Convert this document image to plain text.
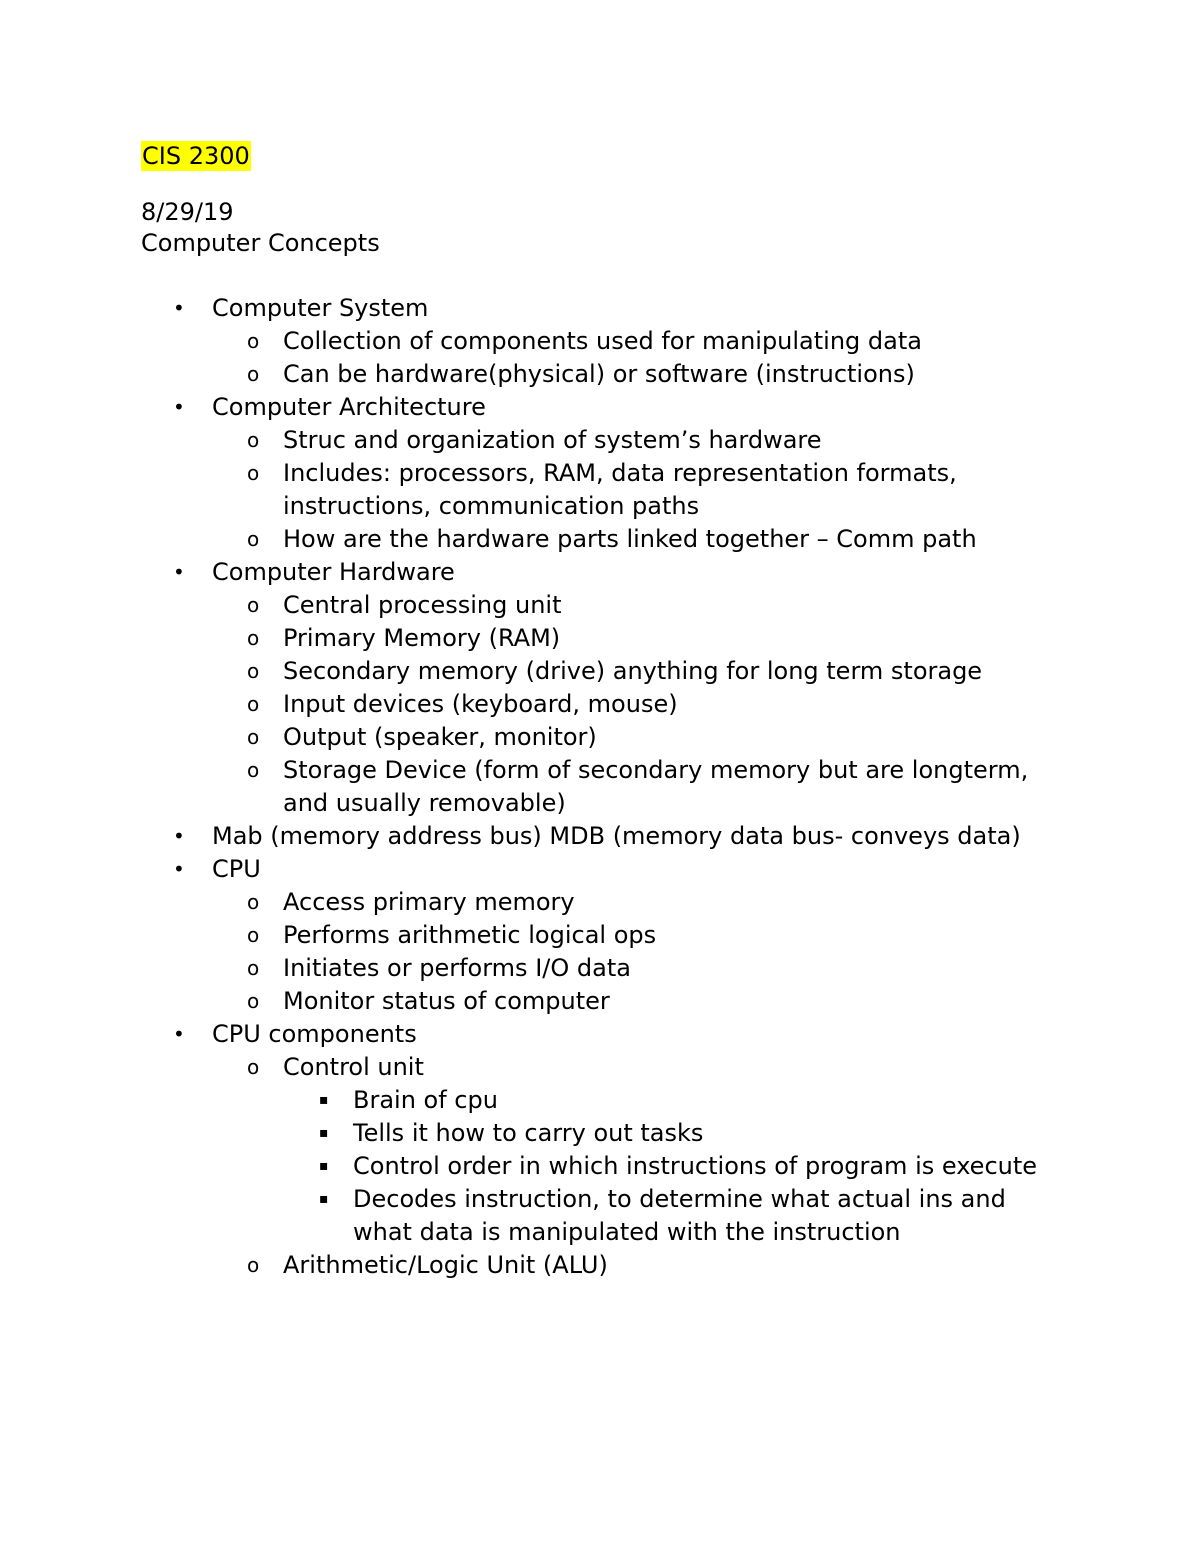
CIS 2300
8/29/19
Computer Concepts
• Computer System
o Collection of components used for manipulating data
o Can be hardware(physical) or software (instructions)
• Computer Architecture
o Struc and organization of system’s hardware
o Includes: processors, RAM, data representation formats, instructions, communication paths
o How are the hardware parts linked together – Comm path
• Computer Hardware
o Central processing unit
o Primary Memory (RAM)
o Secondary memory (drive) anything for long term storage
o Input devices (keyboard, mouse)
o Output (speaker, monitor)
o Storage Device (form of secondary memory but are longterm, and usually removable)
• Mab (memory address bus) MDB (memory data bus- conveys data)
• CPU
o Access primary memory
o Performs arithmetic logical ops
o Initiates or performs I/O data
o Monitor status of computer
• CPU components
o Control unit
▪ Brain of cpu
▪ Tells it how to carry out tasks
▪ Control order in which instructions of program is execute
▪ Decodes instruction, to determine what actual ins and what data is manipulated with the instruction
o Arithmetic/Logic Unit (ALU)
